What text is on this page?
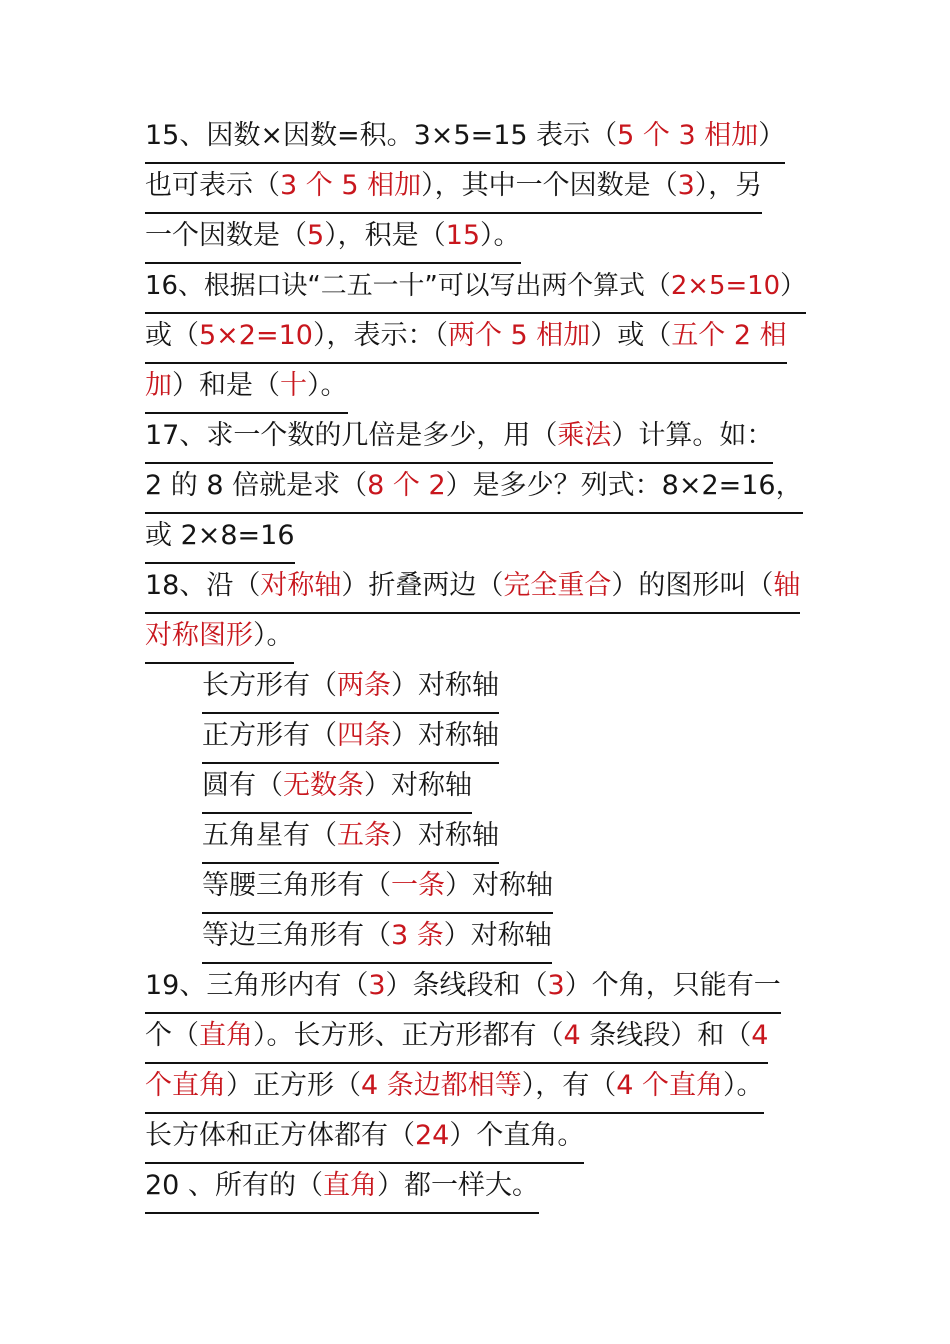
15、因数×因数=积。3×5=15 表示（5 个 3 相加）
也可表示（3 个 5 相加），其中一个因数是（3），另
一个因数是（5），积是（15）。
16、根据口诀“二五一十”可以写出两个算式（2×5=10）
或（5×2=10），表示：（两个 5 相加）或（五个 2 相
加）和是（十）。
17、求一个数的几倍是多少，用（乘法）计算。如：
2 的 8 倍就是求（8 个 2）是多少？列式：8×2=16，
或 2×8=16
18、沿（对称轴）折叠两边（完全重合）的图形叫（轴
对称图形）。
长方形有（两条）对称轴
正方形有（四条）对称轴
圆有（无数条）对称轴
五角星有（五条）对称轴
等腰三角形有（一条）对称轴
等边三角形有（3 条）对称轴
19、三角形内有（3）条线段和（3）个角，只能有一
个（直角）。长方形、正方形都有（4 条线段）和（4
个直角）正方形（4 条边都相等），有（4 个直角）。
长方体和正方体都有（24）个直角。
20 、所有的（直角）都一样大。
